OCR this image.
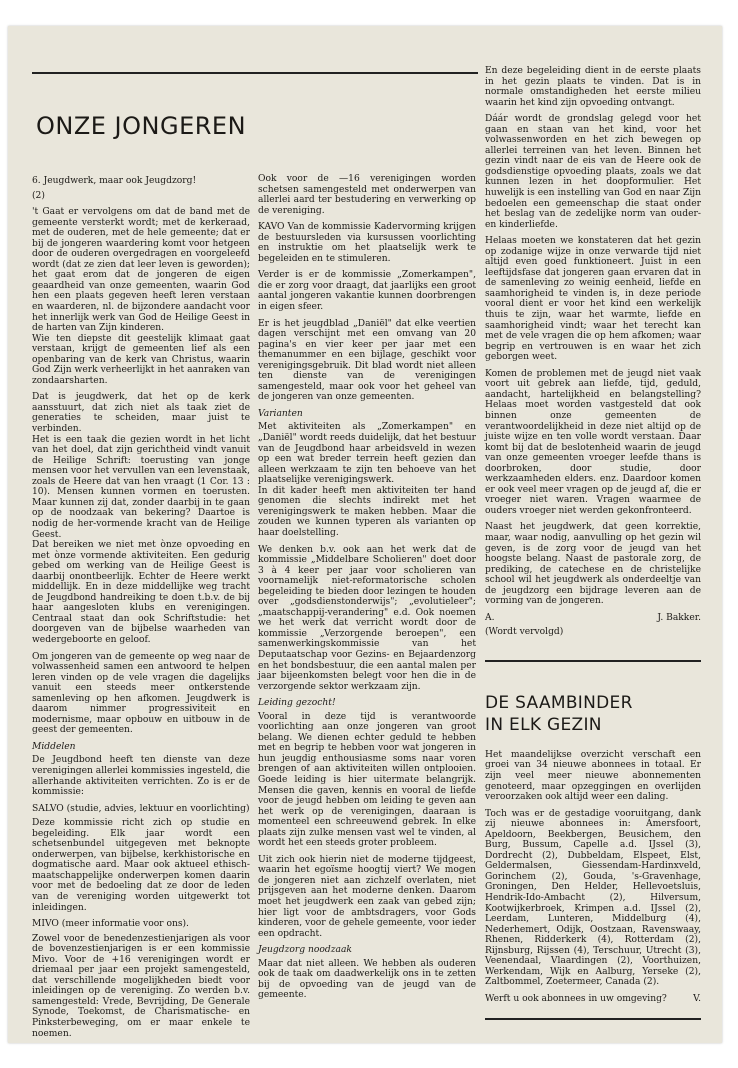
ONZE JONGEREN

6. Jeugdwerk, maar ook Jeugdzorg!

(2)

't Gaat er vervolgens om dat de band met de gemeente versterkt wordt; met de kerkeraad, met de ouderen, met de hele gemeente; dat er bij de jongeren waardering komt voor hetgeen door de ouderen overgedragen en voorgeleefd wordt (dat ze zien dat leer leven is geworden); het gaat erom dat de jongeren de eigen geaardheid van onze gemeenten, waarin God hen een plaats gegeven heeft leren verstaan en waarderen, nl. de bijzondere aandacht voor het innerlijk werk van God de Heilige Geest in de harten van Zijn kinderen.

Wie ten diepste dit geestelijk klimaat gaat verstaan, krijgt de gemeenten lief als een openbaring van de kerk van Christus, waarin God Zijn werk verheerlijkt in het aanraken van zondaarsharten.

Dat is jeugdwerk, dat het op de kerk aansstuurt, dat zich niet als taak ziet de generaties te scheiden, maar juist te verbinden.

Het is een taak die gezien wordt in het licht van het doel, dat zijn gerichtheid vindt vanuit de Heilige Schrift: toerusting van jonge mensen voor het vervullen van een levenstaak, zoals de Heere dat van hen vraagt (1 Cor. 13 : 10). Mensen kunnen vormen en toerusten. Maar kunnen zij dat, zonder daarbij in te gaan op de noodzaak van bekering? Daartoe is nodig de her-vormende kracht van de Heilige Geest.

Dat bereiken we niet met ònze opvoeding en met ònze vormende aktiviteiten. Een gedurig gebed om werking van de Heilige Geest is daarbij onontbeerlijk. Echter de Heere werkt middellijk. En in deze middellijke weg tracht de Jeugdbond handreiking te doen t.b.v. de bij haar aangesloten klubs en verenigingen. Centraal staat dan ook Schriftstudie: het doorgeven van de bijbelse waarheden van wedergeboorte en geloof.

Om jongeren van de gemeente op weg naar de volwassenheid samen een antwoord te helpen leren vinden op de vele vragen die dagelijks vanuit een steeds meer ontkerstende samenleving op hen afkomen. Jeugdwerk is daarom nimmer progressiviteit en modernisme, maar opbouw en uitbouw in de geest der gemeenten.

Middelen

De Jeugdbond heeft ten dienste van deze verenigingen allerlei kommissies ingesteld, die allerhande aktiviteiten verrichten. Zo is er de kommissie:

SALVO (studie, advies, lektuur en voorlichting)

Deze kommissie richt zich op studie en begeleiding. Elk jaar wordt een schetsenbundel uitgegeven met beknopte onderwerpen, van bijbelse, kerkhistorische en dogmatische aard. Maar ook aktueel ethisch-maatschappelijke onderwerpen komen daarin voor met de bedoeling dat ze door de leden van de vereniging worden uitgewerkt tot inleidingen.

MIVO (meer informatie voor ons).

Zowel voor de benedenzestienjarigen als voor de bovenzestienjarigen is er een kommissie Mivo. Voor de +16 verenigingen wordt er driemaal per jaar een projekt samengesteld, dat verschillende mogelijkheden biedt voor inleidingen op de vereniging. Zo werden b.v. samengesteld: Vrede, Bevrijding, De Generale Synode, Toekomst, de Charismatische- en Pinksterbeweging, om er maar enkele te noemen.

Ook voor de —16 verenigingen worden schetsen samengesteld met onderwerpen van allerlei aard ter bestudering en verwerking op de vereniging.

KAVO Van de kommissie Kadervorming krijgen de bestuursleden via kursussen voorlichting en instruktie om het plaatselijk werk te begeleiden en te stimuleren.

Verder is er de kommissie „Zomerkampen", die er zorg voor draagt, dat jaarlijks een groot aantal jongeren vakantie kunnen doorbrengen in eigen sfeer.

Er is het jeugdblad „Daniël" dat elke veertien dagen verschijnt met een omvang van 20 pagina's en vier keer per jaar met een themanummer en een bijlage, geschikt voor verenigingsgebruik. Dit blad wordt niet alleen ten dienste van de verenigingen samengesteld, maar ook voor het geheel van de jongeren van onze gemeenten.

Varianten

Met aktiviteiten als „Zomerkampen" en „Daniël" wordt reeds duidelijk, dat het bestuur van de Jeugdbond haar arbeidsveld in wezen op een wat breder terrein heeft gezien dan alleen werkzaam te zijn ten behoeve van het plaatselijke verenigingswerk.

In dit kader heeft men aktiviteiten ter hand genomen die slechts indirekt met het verenigingswerk te maken hebben. Maar die zouden we kunnen typeren als varianten op haar doelstelling.

We denken b.v. ook aan het werk dat de kommissie „Middelbare Scholieren" doet door 3 à 4 keer per jaar voor scholieren van voornamelijk niet-reformatorische scholen begeleiding te bieden door lezingen te houden over „godsdienstonderwijs"; „evolutieleer"; „maatschappij-verandering" e.d. Ook noemen we het werk dat verricht wordt door de kommissie „Verzorgende beroepen", een samenwerkingskommissie van het Deputaatschap voor Gezins- en Bejaardenzorg en het bondsbestuur, die een aantal malen per jaar bijeenkomsten belegt voor hen die in de verzorgende sektor werkzaam zijn.

Leiding gezocht!

Vooral in deze tijd is verantwoorde voorlichting aan onze jongeren van groot belang. We dienen echter geduld te hebben met en begrip te hebben voor wat jongeren in hun jeugdig enthousiasme soms naar voren brengen of aan aktiviteiten willen ontplooien. Goede leiding is hier uitermate belangrijk. Mensen die gaven, kennis en vooral de liefde voor de jeugd hebben om leiding te geven aan het werk op de verenigingen, daaraan is momenteel een schreeuwend gebrek. In elke plaats zijn zulke mensen vast wel te vinden, al wordt het een steeds groter probleem.

Uit zich ook hierin niet de moderne tijdgeest, waarin het egoïsme hoogtij viert? We mogen de jongeren niet aan zichzelf overlaten, niet prijsgeven aan het moderne denken. Daarom moet het jeugdwerk een zaak van gebed zijn; hier ligt voor de ambtsdragers, voor Gods kinderen, voor de gehele gemeente, voor ieder een opdracht.

Jeugdzorg noodzaak

Maar dat niet alleen. We hebben als ouderen ook de taak om daadwerkelijk ons in te zetten bij de opvoeding van de jeugd van de gemeente.

En deze begeleiding dient in de eerste plaats in het gezin plaats te vinden. Dat is in normale omstandigheden het eerste milieu waarin het kind zijn opvoeding ontvangt.

Dáár wordt de grondslag gelegd voor het gaan en staan van het kind, voor het volwassenworden en het zich bewegen op allerlei terreinen van het leven. Binnen het gezin vindt naar de eis van de Heere ook de godsdienstige opvoeding plaats, zoals we dat kunnen lezen in het doopformulier. Het huwelijk is een instelling van God en naar Zijn bedoelen een gemeenschap die staat onder het beslag van de zedelijke norm van ouder- en kinderliefde.

Helaas moeten we konstateren dat het gezin op zodanige wijze in onze verwarde tijd niet altijd even goed funktioneert. Juist in een leeftijdsfase dat jongeren gaan ervaren dat in de samenleving zo weinig eenheid, liefde en saamhorigheid te vinden is, in deze periode vooral dient er voor het kind een werkelijk thuis te zijn, waar het warmte, liefde en saamhorigheid vindt; waar het terecht kan met de vele vragen die op hem afkomen; waar begrip en vertrouwen is en waar het zich geborgen weet.

Komen de problemen met de jeugd niet vaak voort uit gebrek aan liefde, tijd, geduld, aandacht, hartelijkheid en belangstelling? Helaas moet worden vastgesteld dat ook binnen onze gemeenten de verantwoordelijkheid in deze niet altijd op de juiste wijze en ten volle wordt verstaan. Daar komt bij dat de beslotenheid waarin de jeugd van onze gemeenten vroeger leefde thans is doorbroken, door studie, door werkzaamheden elders. enz. Daardoor komen er ook veel meer vragen op de jeugd af, die er vroeger niet waren. Vragen waarmee de ouders vroeger niet werden gekonfronteerd.

Naast het jeugdwerk, dat geen korrektie, maar, waar nodig, aanvulling op het gezin wil geven, is de zorg voor de jeugd van het hoogste belang. Naast de pastorale zorg, de prediking, de catechese en de christelijke school wil het jeugdwerk als onderdeeltje van de jeugdzorg een bijdrage leveren aan de vorming van de jongeren.

A.	J. Bakker.

(Wordt vervolgd)

DE SAAMBINDER
IN ELK GEZIN

Het maandelijkse overzicht verschaft een groei van 34 nieuwe abonnees in totaal. Er zijn veel meer nieuwe abonnementen genoteerd, maar opzeggingen en overlijden veroorzaken ook altijd weer een daling.

Toch was er de gestadige vooruitgang, dank zij nieuwe abonnees in: Amersfoort, Apeldoorn, Beekbergen, Beusichem, den Burg, Bussum, Capelle a.d. IJssel (3), Dordrecht (2), Dubbeldam, Elspeet, Elst, Geldermalsen, Giessendam-Hardinxveld, Gorinchem (2), Gouda, 's-Gravenhage, Groningen, Den Helder, Hellevoetsluis, Hendrik-Ido-Ambacht (2), Hilversum, Kootwijkerbroek, Krimpen a.d. IJssel (2), Leerdam, Lunteren, Middelburg (4), Nederhemert, Odijk, Oostzaan, Ravenswaay, Rhenen, Ridderkerk (4), Rotterdam (2), Rijnsburg, Rijssen (4), Terschuur, Utrecht (3), Veenendaal, Vlaardingen (2), Voorthuizen, Werkendam, Wijk en Aalburg, Yerseke (2), Zaltbommel, Zoetermeer, Canada (2).

Werft u ook abonnees in uw omgeving?	V.
